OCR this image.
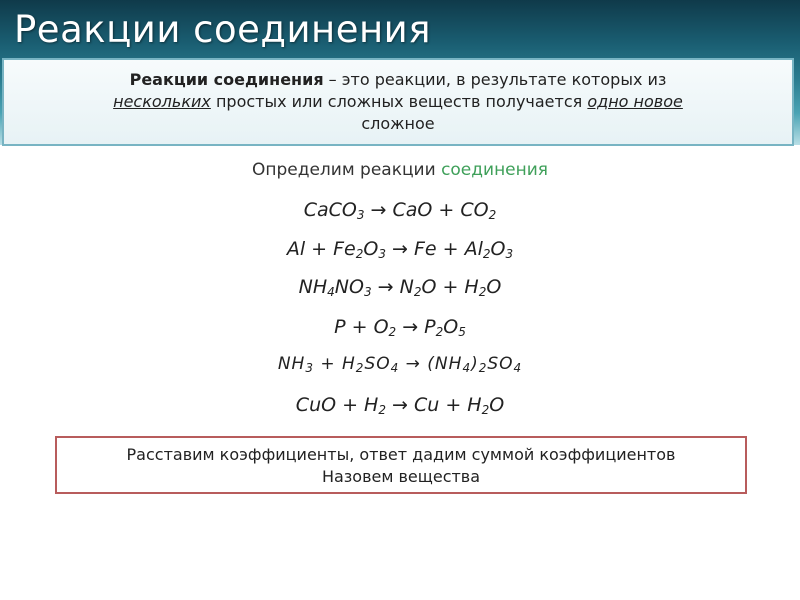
Реакции соединения
Реакции соединения – это реакции, в результате которых из
нескольких простых или сложных веществ получается одно новое
сложное
Определим реакции соединения
CaCO$_3$ → CaO + $CO_2$
$Al + Fe_2O_3 \to Fe + Al_2O_3$
$NH_4NO_3 \to N_2O + H_2O$
$P + O_2 \to P_2O_5$
$NH_3 + H_2SO_4 \to (NH_4)_2SO_4$
CuO + $H_2 \to Cu + H_2O$
Расставим коэффициенты, ответ дадим суммой коэффициентов
Назовем вещества
